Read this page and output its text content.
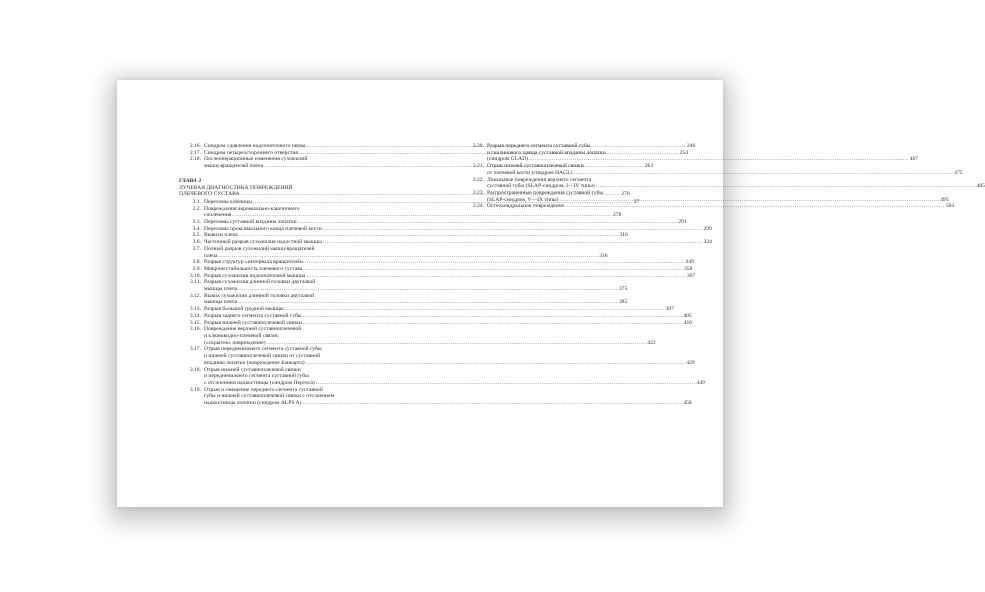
2.16. Синдром сдавления надлопаточного нерва .....	246
2.17. Синдром четырехстороннего отверстия .....	254
2.18. Послеоперационные изменения сухожилий
мышц-вращателей плеча .....	263
ГЛАВА 3
ЛУЧЕВАЯ ДИАГНОСТИКА ПОВРЕЖДЕНИЙ
ПЛЕЧЕВОГО СУСТАВА .....	270
3.1. Переломы ключицы .....	27
3.2. Повреждения акромиально-ключичного
сочленения .....	278
3.3. Переломы суставной впадины лопатки .....	291
3.4. Переломы проксимального конца плечевой кости .....	299
3.5. Вывихи плеча .....	316
3.6. Частичный разрыв сухожилия надостной мышцы .....	324
3.7. Полный разрыв сухожилий мышц-вращателей
плеча .....	336
3.8. Разрыв структур «интервала вращателей» .....	349
3.9. Микронестабильность плечевого сустава .....	358
3.10. Разрыв сухожилия подлопаточной мышцы .....	367
3.11. Разрыв сухожилия длинной головки двуглавой
мышцы плеча .....	375
3.12. Вывих сухожилия длинной головки двуглавой
мышцы плеча .....	385
3.13. Разрыв большой грудной мышцы .....	397
3.14. Разрыв заднего сегмента суставной губы .....	405
3.15. Разрыв нижней суставноплечевой связки .....	416
3.16. Повреждение верхней суставноплечевой
и клювовидно-плечевой связок
(«скрытое» повреждение) .....	422
3.17. Отрыв передненижнего сегмента суставной губы
и нижней суставноплечевой связки от суставной
впадины лопатки (повреждение Банкарта) .....	429
3.18. Отрыв нижней суставноплечевой связки
и передненижнего сегмента суставной губы
с отслоением надкостницы (синдром Пертеса) .....	449
3.19. Отрыв и смещение переднего сегмента суставной
губы и нижней суставноплечевой связки с отслоением
надкостницы лопатки (синдром ALPS A) .....	458
3.20. Разрыв переднего сегмента суставной губы
и гиалинового хряща суставной впадины лопатки
(синдром GLAD) .....	467
3.21. Отрыв нижней суставноплечевой связки
от плечевой кости (синдром HAGL) .....	475
3.22. Локальные повреждения верхнего сегмента
суставной губы (SLAP-синдром, I—IV типы) .....	485
3.23. Распространенные повреждения суставной губы
(SLAP-синдром, V—IX типы) .....	495
3.24. Остеохондральное повреждение .....	503
